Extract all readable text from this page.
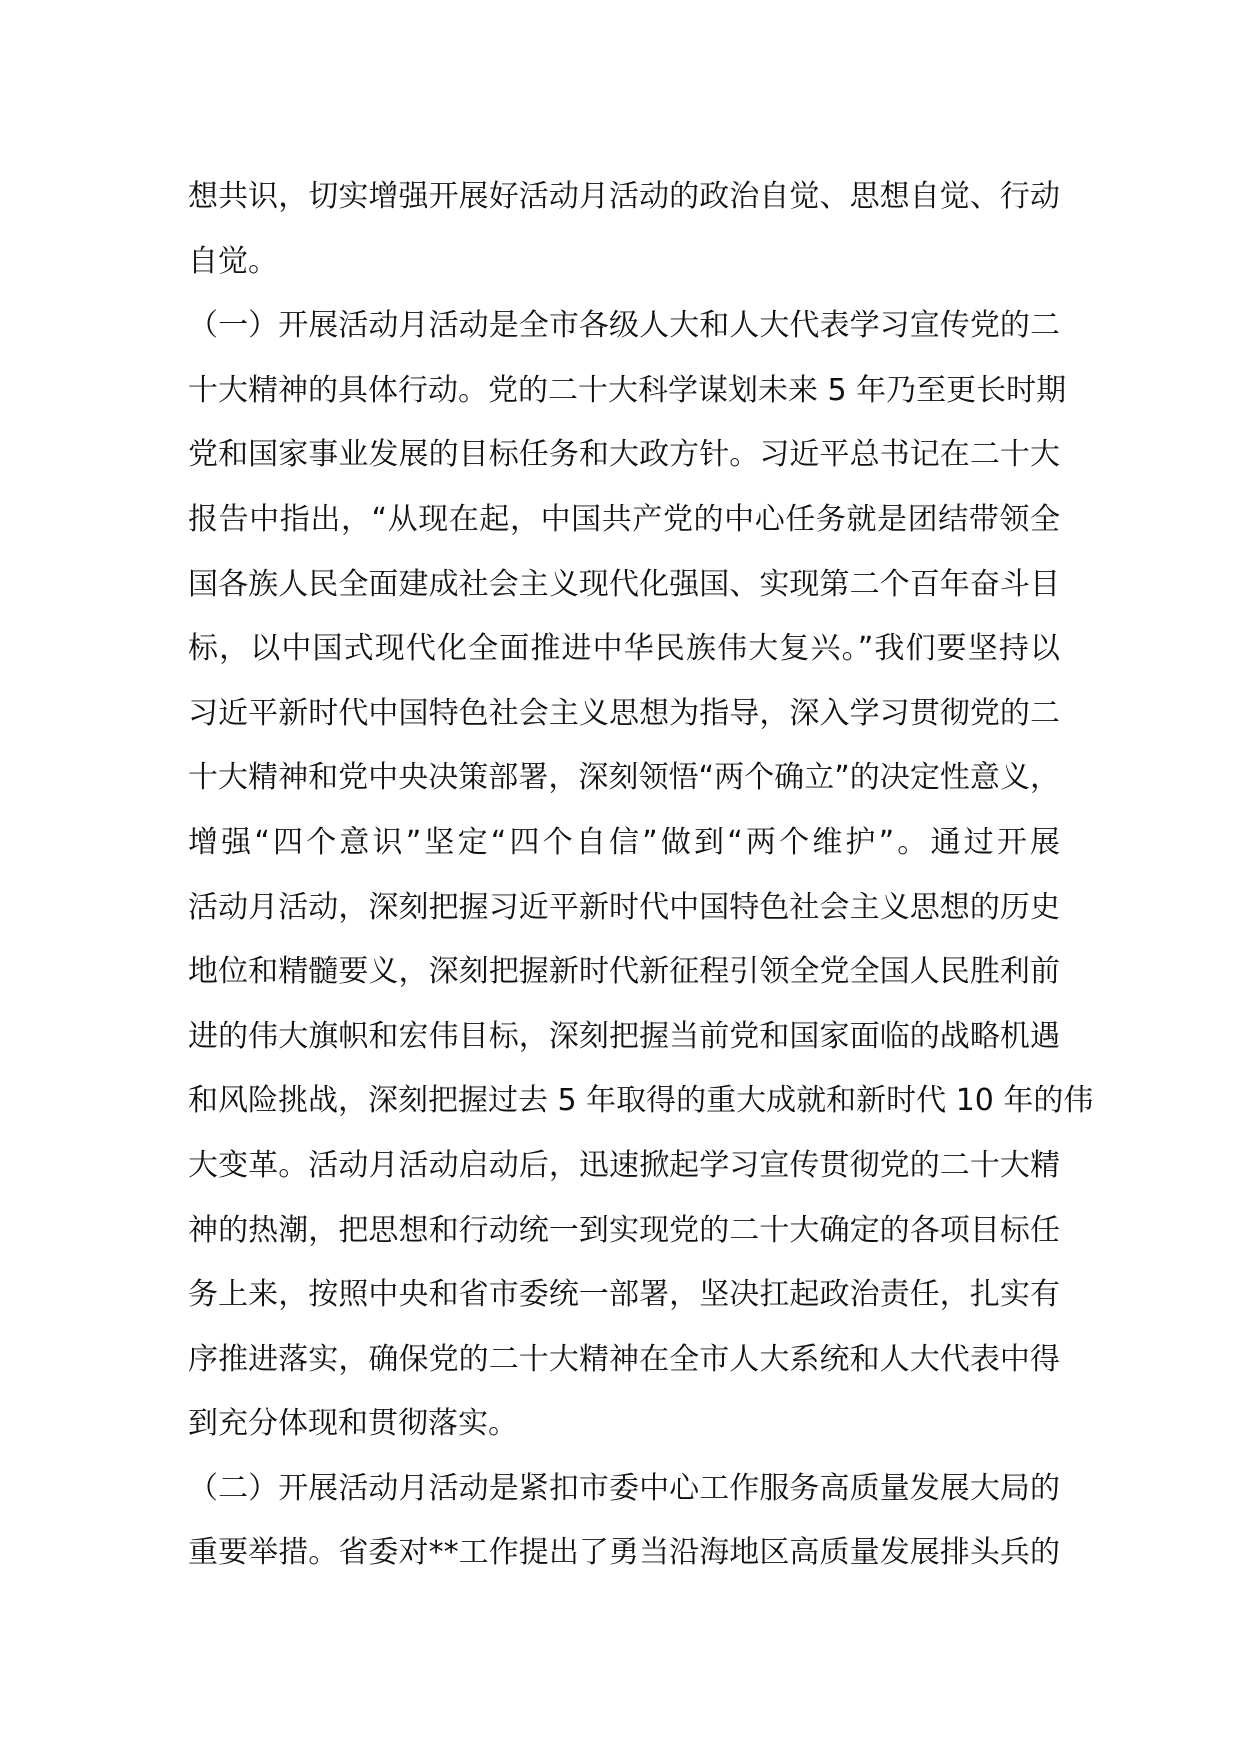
想共识，切实增强开展好活动月活动的政治自觉、思想自觉、行动
自觉。
（一）开展活动月活动是全市各级人大和人大代表学习宣传党的二
十大精神的具体行动。党的二十大科学谋划未来 5 年乃至更长时期
党和国家事业发展的目标任务和大政方针。习近平总书记在二十大
报告中指出，“从现在起，中国共产党的中心任务就是团结带领全
国各族人民全面建成社会主义现代化强国、实现第二个百年奋斗目
标，以中国式现代化全面推进中华民族伟大复兴。”我们要坚持以
习近平新时代中国特色社会主义思想为指导，深入学习贯彻党的二
十大精神和党中央决策部署，深刻领悟“两个确立”的决定性意义，
增强“四个意识”坚定“四个自信”做到“两个维护”。通过开展
活动月活动，深刻把握习近平新时代中国特色社会主义思想的历史
地位和精髓要义，深刻把握新时代新征程引领全党全国人民胜利前
进的伟大旗帜和宏伟目标，深刻把握当前党和国家面临的战略机遇
和风险挑战，深刻把握过去 5 年取得的重大成就和新时代 10 年的伟
大变革。活动月活动启动后，迅速掀起学习宣传贯彻党的二十大精
神的热潮，把思想和行动统一到实现党的二十大确定的各项目标任
务上来，按照中央和省市委统一部署，坚决扛起政治责任，扎实有
序推进落实，确保党的二十大精神在全市人大系统和人大代表中得
到充分体现和贯彻落实。
（二）开展活动月活动是紧扣市委中心工作服务高质量发展大局的
重要举措。省委对**工作提出了勇当沿海地区高质量发展排头兵的
